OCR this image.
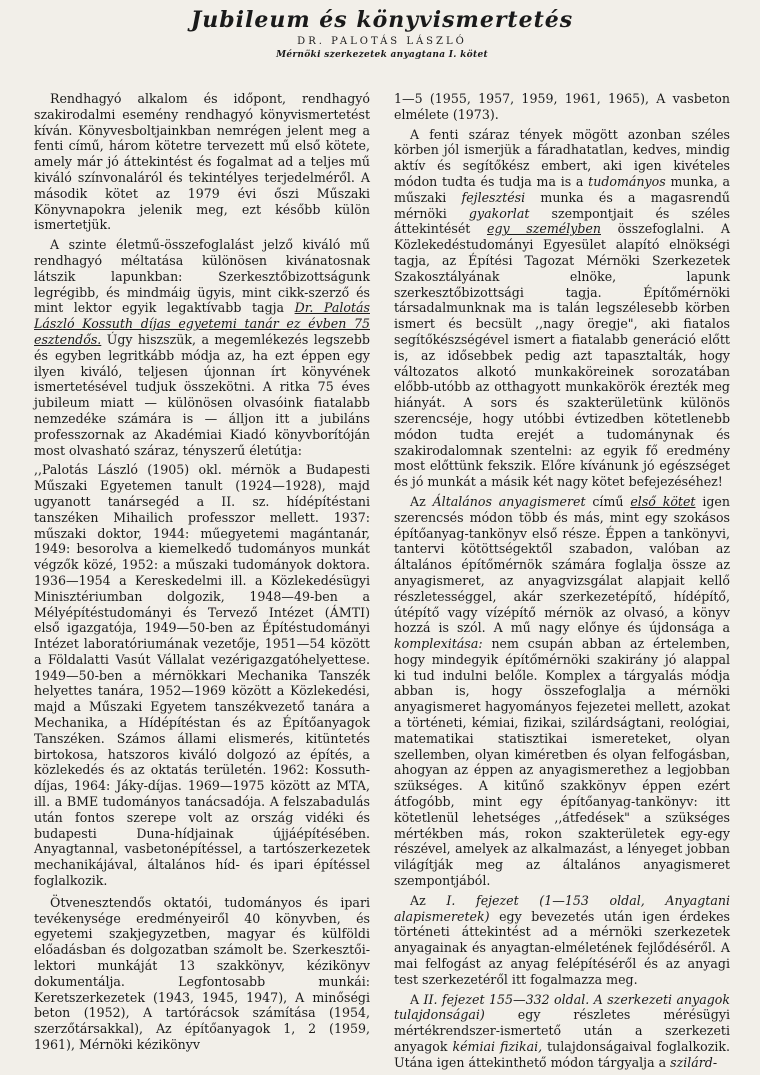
Jubileum és könyvismertetés
DR. PALOTÁS LÁSZLÓ
Mérnöki szerkezetek anyagtana I. kötet

Rendhagyó alkalom és időpont, rendhagyó szakirodalmi esemény rendhagyó könyvismertetést kíván. Könyvesboltjainkban nemrégen jelent meg a fenti című, három kötetre tervezett mű első kötete, amely már jó áttekintést és fogalmat ad a teljes mű kiváló színvonaláról és tekintélyes terjedelméről. A második kötet az 1979 évi őszi Műszaki Könyvnapokra jelenik meg, ezt később külön ismertetjük.

A szinte életmű-összefoglalást jelző kiváló mű rendhagyó méltatása különösen kivánatosnak látszik lapunkban: Szerkesztőbizottságunk legrégibb, és mindmáig ügyis, mint cikk-szerző és mint lektor egyik legaktívabb tagja Dr. Palotás László Kossuth díjas egyetemi tanár ez évben 75 esztendős. Úgy hiszszük, a megemlékezés legszebb és egyben legritkább módja az, ha ezt éppen egy ilyen kiváló, teljesen újonnan írt könyvének ismertetésével tudjuk összekötni. A ritka 75 éves jubileum miatt — különösen olvasóink fiatalabb nemzedéke számára is — álljon itt a jubiláns professzornak az Akadémiai Kiadó könyvborítóján most olvasható száraz, tényszerű életútja:

,,Palotás László (1905) okl. mérnök a Budapesti Műszaki Egyetemen tanult (1924—1928), majd ugyanott tanársegéd a II. sz. hídépítéstani tanszéken Mihailich professzor mellett. 1937: műszaki doktor, 1944: műegyetemi magántanár, 1949: besorolva a kiemelkedő tudományos munkát végzők közé, 1952: a műszaki tudományok doktora. 1936—1954 a Kereskedelmi ill. a Közlekedésügyi Minisztériumban dolgozik, 1948—49-ben a Mélyépítéstudományi és Tervező Intézet (ÁMTI) első igazgatója, 1949—50-ben az Építéstudományi Intézet laboratóriumának vezetője, 1951—54 között a Földalatti Vasút Vállalat vezérigazgatóhelyettese. 1949—50-ben a mérnökkari Mechanika Tanszék helyettes tanára, 1952—1969 között a Közlekedési, majd a Műszaki Egyetem tanszékvezető tanára a Mechanika, a Hídépítéstan és az Építőanyagok Tanszéken. Számos állami elismerés, kitüntetés birtokosa, hatszoros kiváló dolgozó az építés, a közlekedés és az oktatás területén. 1962: Kossuth-díjas, 1964: Jáky-díjas. 1969—1975 között az MTA, ill. a BME tudományos tanácsadója. A felszabadulás után fontos szerepe volt az ország vidéki és budapesti Duna-hídjainak újjáépítésében. Anyagtannal, vasbetonépítéssel, a tartószerkezetek mechanikájával, általános híd- és ipari építéssel foglalkozik.

Ötvenesztendős oktatói, tudományos és ipari tevékenysége eredményeiről 40 könyvben, és egyetemi szakjegyzetben, magyar és külföldi előadásban és dolgozatban számolt be. Szerkesztői-lektori munkáját 13 szakkönyv, kézikönyv dokumentálja. Legfontosabb munkái: Keretszerkezetek (1943, 1945, 1947), A minőségi beton (1952), A tartórácsok számítása (1954, szerzőtársakkal), Az építőanyagok 1, 2 (1959, 1961), Mérnöki kézikönyv

1—5 (1955, 1957, 1959, 1961, 1965), A vasbeton elmélete (1973).

A fenti száraz tények mögött azonban széles körben jól ismerjük a fáradhatatlan, kedves, mindig aktív és segítőkész embert, aki igen kivételes módon tudta és tudja ma is a tudományos munka, a műszaki fejlesztési munka és a magasrendű mérnöki gyakorlat szempontjait és széles áttekintését egy személyben összefoglalni. A Közlekedéstudományi Egyesület alapító elnökségi tagja, az Építési Tagozat Mérnöki Szerkezetek Szakosztályának elnöke, lapunk szerkesztőbizottsági tagja. Építőmérnöki társadalmunknak ma is talán legszélesebb körben ismert és becsült ,,nagy öregje", aki fiatalos segítőkészségével ismert a fiatalabb generáció előtt is, az idősebbek pedig azt tapasztalták, hogy változatos alkotó munkaköreinek sorozatában előbb-utóbb az otthagyott munkakörök érezték meg hiányát. A sors és szakterületünk különös szerencséje, hogy utóbbi évtizedben kötetlenebb módon tudta erejét a tudománynak és szakirodalomnak szentelni: az egyik fő eredmény most előttünk fekszik. Előre kívánunk jó egészséget és jó munkát a másik két nagy kötet befejezéséhez!

Az Általános anyagismeret című első kötet igen szerencsés módon több és más, mint egy szokásos építőanyag-tankönyv első része. Éppen a tankönyvi, tantervi kötöttségektől szabadon, valóban az általános építőmérnök számára foglalja össze az anyagismeret, az anyagvizsgálat alapjait kellő részletességgel, akár szerkezetépítő, hídépítő, útépítő vagy vízépítő mérnök az olvasó, a könyv hozzá is szól. A mű nagy előnye és újdonsága a komplexitása: nem csupán abban az értelemben, hogy mindegyik építőmérnöki szakirány jó alappal ki tud indulni belőle. Komplex a tárgyalás módja abban is, hogy összefoglalja a mérnöki anyagismeret hagyományos fejezetei mellett, azokat a történeti, kémiai, fizikai, szilárdságtani, reológiai, matematikai statisztikai ismereteket, olyan szellemben, olyan kiméretben és olyan felfogásban, ahogyan az éppen az anyagismerethez a legjobban szükséges. A kitűnő szakkönyv éppen ezért átfogóbb, mint egy építőanyag-tankönyv: itt kötetlenül lehetséges ,,átfedések" a szükséges mértékben más, rokon szakterületek egy-egy részével, amelyek az alkalmazást, a lényeget jobban világítják meg az általános anyagismeret szempontjából.

Az I. fejezet (1—153 oldal, Anyagtani alapismeretek) egy bevezetés után igen érdekes történeti áttekintést ad a mérnöki szerkezetek anyagainak és anyagtan-elméletének fejlődéséről. A mai felfogást az anyag felépítéséről és az anyagi test szerkezetéről itt fogalmazza meg.

A II. fejezet 155—332 oldal. A szerkezeti anyagok tulajdonságai) egy részletes mérésügyi mértékrendszer-ismertető után a szerkezeti anyagok kémiai fizikai, tulajdonságaival foglalkozik. Utána igen áttekinthető módon tárgyalja a szilárd-
